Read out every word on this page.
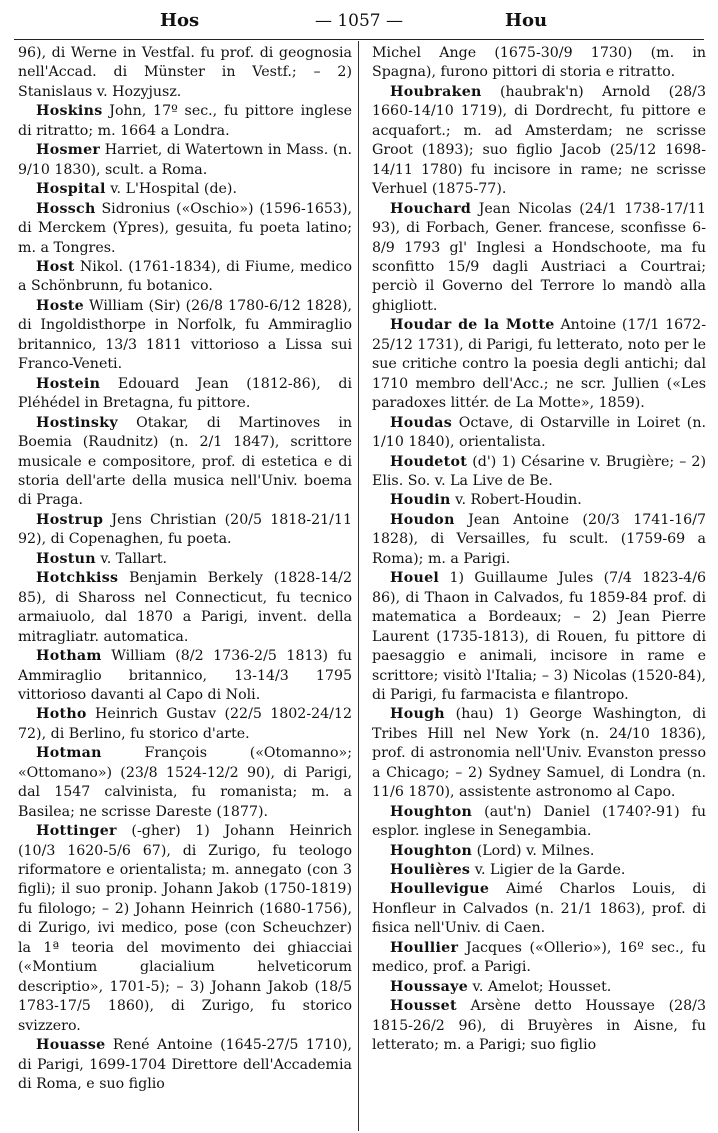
Hos	— 1057 —	Hou

96), di Werne in Vestfal. fu prof. di geognosia nell'Accad. di Münster in Vestf.; – 2) Stanislaus v. Hozyjusz.

Hoskins John, 17º sec., fu pittore inglese di ritratto; m. 1664 a Londra.

Hosmer Harriet, di Watertown in Mass. (n. 9/10 1830), scult. a Roma.

Hospital v. L'Hospital (de).

Hossch Sidronius («Oschio») (1596-1653), di Merckem (Ypres), gesuita, fu poeta latino; m. a Tongres.

Host Nikol. (1761-1834), di Fiume, medico a Schönbrunn, fu botanico.

Hoste William (Sir) (26/8 1780-6/12 1828), di Ingoldisthorpe in Norfolk, fu Ammiraglio britannico, 13/3 1811 vittorioso a Lissa sui Franco-Veneti.

Hostein Edouard Jean (1812-86), di Pléhédel in Bretagna, fu pittore.

Hostinsky Otakar, di Martinoves in Boemia (Raudnitz) (n. 2/1 1847), scrittore musicale e compositore, prof. di estetica e di storia dell'arte della musica nell'Univ. boema di Praga.

Hostrup Jens Christian (20/5 1818-21/11 92), di Copenaghen, fu poeta.

Hostun v. Tallart.

Hotchkiss Benjamin Berkely (1828-14/2 85), di Shaross nel Connecticut, fu tecnico armaiuolo, dal 1870 a Parigi, invent. della mitragliatr. automatica.

Hotham William (8/2 1736-2/5 1813) fu Ammiraglio britannico, 13-14/3 1795 vittorioso davanti al Capo di Noli.

Hotho Heinrich Gustav (22/5 1802-24/12 72), di Berlino, fu storico d'arte.

Hotman	François («Otomanno»; «Ottomano») (23/8 1524-12/2 90), di Parigi, dal 1547 calvinista, fu romanista; m. a Basilea; ne scrisse Dareste (1877).

Hottinger (-gher) 1) Johann Heinrich (10/3 1620-5/6 67), di Zurigo, fu teologo riformatore e orientalista; m. annegato (con 3 figli); il suo pronip. Johann Jakob (1750-1819) fu filologo; – 2) Johann Heinrich (1680-1756), di Zurigo, ivi medico, pose (con Scheuchzer) la 1ª teoria del movimento dei ghiacciai («Montium glacialium helveticorum descriptio», 1701-5); – 3) Johann Jakob (18/5 1783-17/5 1860), di Zurigo, fu storico svizzero.

Houasse René Antoine (1645-27/5 1710), di Parigi, 1699-1704 Direttore dell'Accademia di Roma, e suo figlio

Michel Ange (1675-30/9 1730) (m. in Spagna), furono pittori di storia e ritratto.

Houbraken (haubrak'n) Arnold (28/3 1660-14/10 1719), di Dordrecht, fu pittore e acquafort.; m. ad Amsterdam; ne scrisse Groot (1893); suo figlio Jacob (25/12 1698-14/11 1780) fu incisore in rame; ne scrisse Verhuel (1875-77).

Houchard Jean Nicolas (24/1 1738-17/11 93), di Forbach, Gener. francese, sconfisse 6-8/9 1793 gl' Inglesi a Hondschoote, ma fu sconfitto 15/9 dagli Austriaci a Courtrai; perciò il Governo del Terrore lo mandò alla ghigliott.

Houdar de la Motte Antoine (17/1 1672-25/12 1731), di Parigi, fu letterato, noto per le sue critiche contro la poesia degli antichi; dal 1710 membro dell'Acc.; ne scr. Jullien («Les paradoxes littér. de La Motte», 1859).

Houdas Octave, di Ostarville in Loiret (n. 1/10 1840), orientalista.

Houdetot (d') 1) Césarine v. Brugière; – 2) Elis. So. v. La Live de Be.

Houdin v. Robert-Houdin.

Houdon Jean Antoine (20/3 1741-16/7 1828), di Versailles, fu scult. (1759-69 a Roma); m. a Parigi.

Houel 1) Guillaume Jules (7/4 1823-4/6 86), di Thaon in Calvados, fu 1859-84 prof. di matematica a Bordeaux; – 2) Jean Pierre Laurent (1735-1813), di Rouen, fu pittore di paesaggio e animali, incisore in rame e scrittore; visitò l'Italia; – 3) Nicolas (1520-84), di Parigi, fu farmacista e filantropo.

Hough (hau) 1) George Washington, di Tribes Hill nel New York (n. 24/10 1836), prof. di astronomia nell'Univ. Evanston presso a Chicago; – 2) Sydney Samuel, di Londra (n. 11/6 1870), assistente astronomo al Capo.

Houghton (aut'n) Daniel (1740?-91) fu esplor. inglese in Senegambia.

Houghton (Lord) v. Milnes.

Houlières v. Ligier de la Garde.

Houllevigue Aimé Charlos Louis, di Honfleur in Calvados (n. 21/1 1863), prof. di fisica nell'Univ. di Caen.

Houllier Jacques («Ollerio»), 16º sec., fu medico, prof. a Parigi.

Houssaye v. Amelot; Housset.

Housset Arsène detto Houssaye (28/3 1815-26/2 96), di Bruyères in Aisne, fu letterato; m. a Parigi; suo figlio
